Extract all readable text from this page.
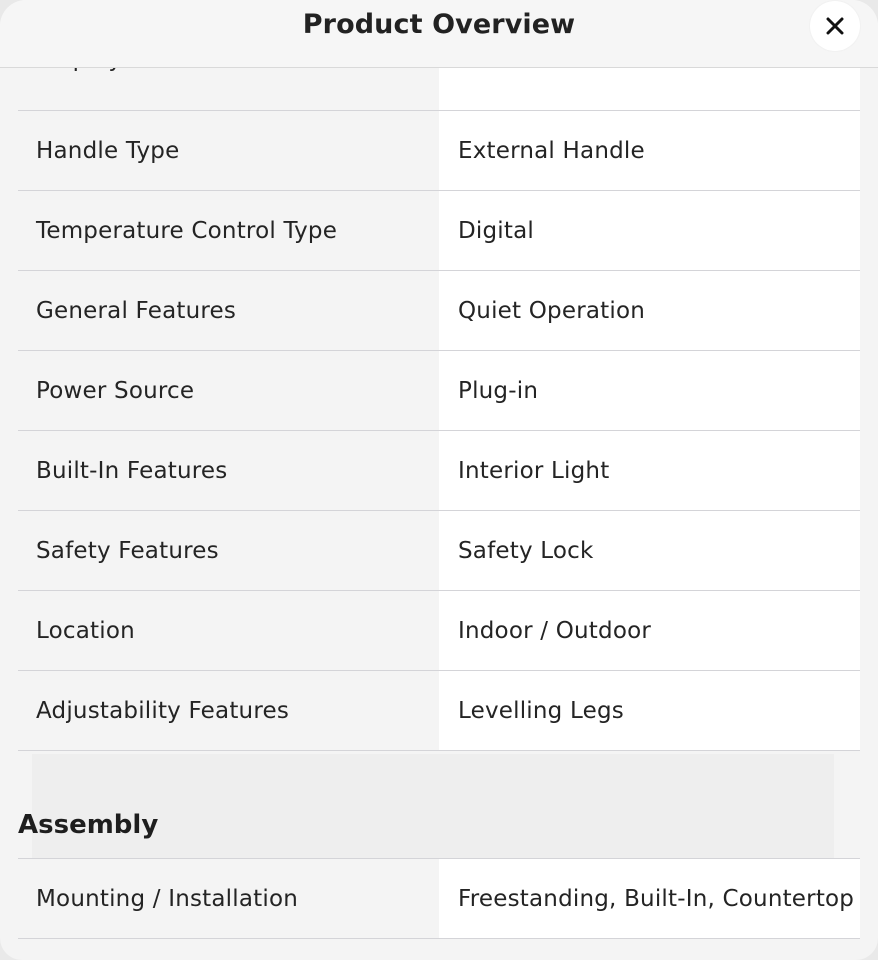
Handle Type	External Handle
Temperature Control Type	Digital
General Features	Quiet Operation
Power Source	Plug-in
Built-In Features	Interior Light
Safety Features	Safety Lock
Location	Indoor / Outdoor
Adjustability Features	Levelling Legs
Assembly
Mounting / Installation	Freestanding, Built-In, Countertop
Product Overview
